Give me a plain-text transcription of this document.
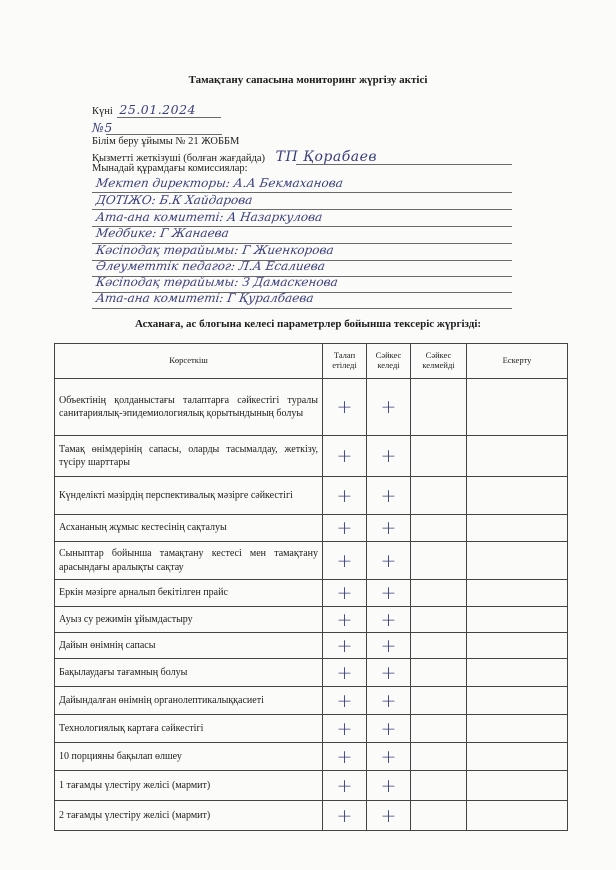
Тамақтану сапасына мониторинг жүргізу актісі
Күні 25.01.2024
№5
Білім беру ұйымы № 21 ЖОББМ
Қызметті жеткізуші (болған жағдайда) ТП Қорабаев
Мынадай құрамдағы комиссиялар:
Мектеп директоры: А.А Бекмаханова
ДОТІЖО: Б.К Хайдарова
Ата-ана комитеті: А Назаркулова
Медбике: Г Жанаева
Кәсіподақ төрайымы: Г Жиенкорова
Әлеуметтік педагог: Л.А Есалиева
Кәсіподақ төрайымы: З Дамаскенова
Ата-ана комитеті: Г Қуралбаева
Асханаға, ас блогына келесі параметрлер бойынша тексеріс жүргізді:
Көрсеткіш	Талап етіледі	Сәйкес келеді	Сәйкес келмейді	Ескерту
Объектінің қолданыстағы талаптарға сәйкестігі туралы санитариялық-эпидемиологиялық қорытындының болуы	+	+		
Тамақ өнімдерінің сапасы, оларды тасымалдау, жеткізу, түсіру шарттары	+	+		
Күнделікті мәзірдің перспективалық мәзірге сәйкестігі	+	+		
Асхананың жұмыс кестесінің сақталуы	+	+		
Сыныптар бойынша тамақтану кестесі мен тамақтану арасындағы аралықты сақтау	+	+		
Еркін мәзірге арналып бекітілген прайс	+	+		
Ауыз су режимін ұйымдастыру	+	+		
Дайын өнімнің сапасы	+	+		
Бақылаудағы тағамның болуы	+	+		
Дайындалған өнімнің органолептикалыққасиеті	+	+		
Технологиялық картаға сәйкестігі	+	+		
10 порцияны бақылап өлшеу	+	+		
1 тағамды үлестіру желісі (мармит)	+	+		
2 тағамды үлестіру желісі (мармит)	+	+		
